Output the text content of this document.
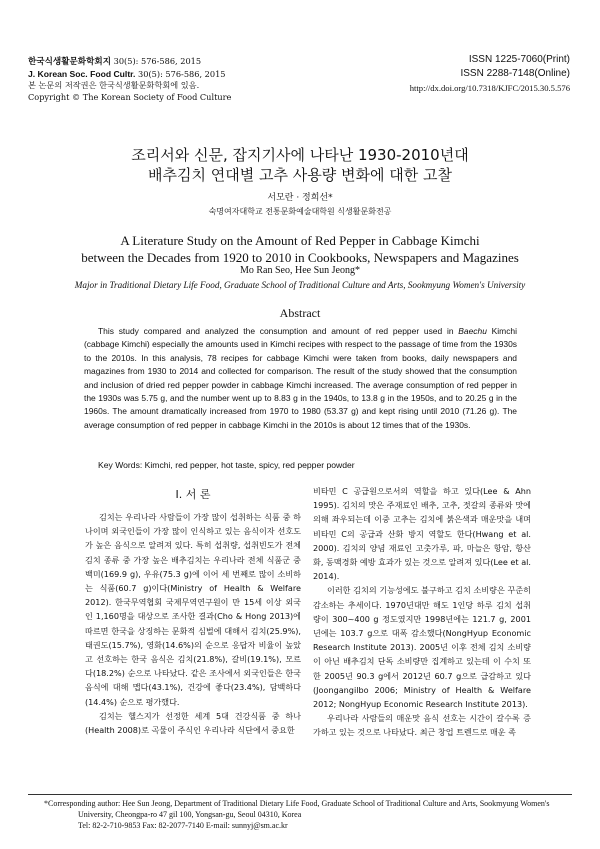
한국식생활문화학회지 30(5): 576-586, 2015
J. Korean Soc. Food Cultr. 30(5): 576-586, 2015
본 논문의 저작권은 한국식생활문화학회에 있음.
Copyright © The Korean Society of Food Culture
ISSN 1225-7060(Print)
ISSN 2288-7148(Online)
http://dx.doi.org/10.7318/KJFC/2015.30.5.576
조리서와 신문, 잡지기사에 나타난 1930-2010년대
배추김치 연대별 고추 사용량 변화에 대한 고찰
서모란 · 정희선*
숙명여자대학교 전통문화예술대학원 식생활문화전공
A Literature Study on the Amount of Red Pepper in Cabbage Kimchi
between the Decades from 1920 to 2010 in Cookbooks, Newspapers and Magazines
Mo Ran Seo, Hee Sun Jeong*
Major in Traditional Dietary Life Food, Graduate School of Traditional Culture and Arts, Sookmyung Women's University
Abstract

This study compared and analyzed the consumption and amount of red pepper used in Baechu Kimchi (cabbage Kimchi) especially the amounts used in Kimchi recipes with respect to the passage of time from the 1930s to the 2010s. In this analysis, 78 recipes for cabbage Kimchi were taken from books, daily newspapers and magazines from 1930 to 2014 and collected for comparison. The result of the study showed that the consumption and inclusion of dried red pepper powder in cabbage Kimchi increased. The average consumption of red pepper in the 1930s was 5.75 g, and the number went up to 8.83 g in the 1940s, to 13.8 g in the 1950s, and to 20.25 g in the 1960s. The amount dramatically increased from 1970 to 1980 (53.37 g) and kept rising until 2010 (71.26 g). The average consumption of red pepper in cabbage Kimchi in the 2010s is about 12 times that of the 1930s.

Key Words: Kimchi, red pepper, hot taste, spicy, red pepper powder
Ⅰ. 서 론

김치는 우리나라 사람들이 가장 많이 섭취하는 식품 중 하나이며 외국인들이 가장 많이 인식하고 있는 음식이자 선호도가 높은 음식으로 알려져 있다. 특히 섭취량, 섭취빈도가 전체 김치 종류 중 가장 높은 배추김치는 우리나라 전체 식품군 중 백미(169.9 g), 우유(75.3 g)에 이어 세 번째로 많이 소비하는 식품(60.7 g)이다(Ministry of Health & Welfare 2012). 한국무역협회 국제무역연구원이 만 15세 이상 외국인 1,160명을 대상으로 조사한 결과(Cho & Hong 2013)에 따르면 한국을 상징하는 문화적 심벌에 대해서 김치(25.9%), 태권도(15.7%), 영화(14.6%)의 순으로 응답자 비율이 높았고 선호하는 한국 음식은 김치(21.8%), 갈비(19.1%), 모르다(18.2%) 순으로 나타났다. 같은 조사에서 외국인들은 한국음식에 대해 맵다(43.1%), 건강에 좋다(23.4%), 담백하다(14.4%) 순으로 평가했다.

김치는 헬스지가 선정한 세계 5대 건강식품 중 하나(Health 2008)로 곡물이 주식인 우리나라 식단에서 중요한

비타민 C 공급원으로서의 역할을 하고 있다(Lee & Ahn 1995). 김치의 맛은 주재료인 배추, 고추, 젓갈의 종류와 맛에 의해 좌우되는데 이중 고추는 김치에 붉은색과 매운맛을 내며 비타민 C의 공급과 산화 방지 역할도 한다(Hwang et al. 2000). 김치의 양념 재료인 고춧가루, 파, 마늘은 항암, 항산화, 동맥경화 예방 효과가 있는 것으로 알려져 있다(Lee et al. 2014).

이러한 김치의 기능성에도 불구하고 김치 소비량은 꾸준히 감소하는 추세이다. 1970년대만 해도 1인당 하루 김치 섭취량이 300~400 g 정도였지만 1998년에는 121.7 g, 2001년에는 103.7 g으로 대폭 감소했다(NongHyup Economic Research Institute 2013). 2005년 이후 전체 김치 소비량이 아닌 배추김치 단독 소비량만 집계하고 있는데 이 수치 또한 2005년 90.3 g에서 2012년 60.7 g으로 급감하고 있다(Joongangilbo 2006; Ministry of Health & Welfare 2012; NongHyup Economic Research Institute 2013).

우리나라 사람들의 매운맛 음식 선호는 시간이 갈수록 증가하고 있는 것으로 나타났다. 최근 창업 트렌드로 매운 족

*Corresponding author: Hee Sun Jeong, Department of Traditional Dietary Life Food, Graduate School of Traditional Culture and Arts, Sookmyung Women's
University, Cheongpa-ro 47 gil 100, Yongsan-gu, Seoul 04310, Korea
Tel: 82-2-710-9853 Fax: 82-2077-7140 E-mail: sunnyj@sm.ac.kr
